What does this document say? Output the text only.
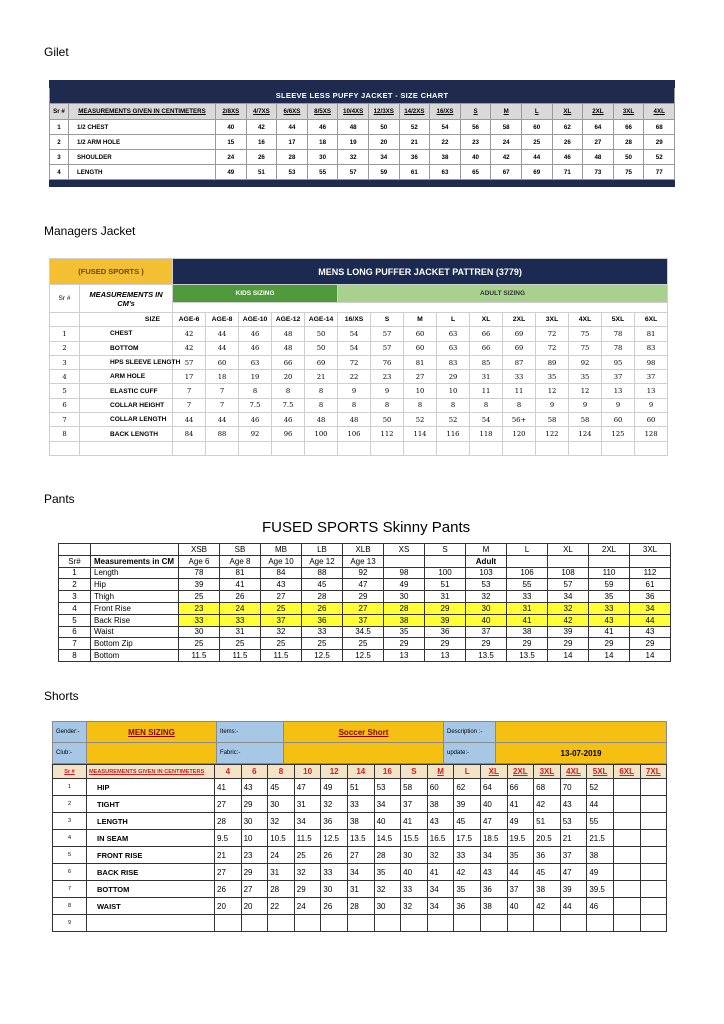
Gilet
Managers Jacket
Pants
Shorts

SLEEVE LESS PUFFY JACKET - SIZE CHART																
Sr #	MEASUREMENTS GIVEN IN CENTIMETERS	2/8XS	4/7XS	6/6XS	8/5XS	10/4XS	12/3XS	14/2XS	16/XS	S	M	L	XL	2XL	3XL	4XL
1	1/2 CHEST	40	42	44	46	48	50	52	54	56	58	60	62	64	66	68
2	1/2 ARM HOLE	15	16	17	18	19	20	21	22	23	24	25	26	27	28	29
3	SHOULDER	24	26	28	30	32	34	36	38	40	42	44	46	48	50	52
4	LENGTH	49	51	53	55	57	59	61	63	65	67	69	71	73	75	77

(FUSED SPORTS )		MENS LONG PUFFER JACKET PATTREN (3779)														
Sr #	MEASUREMENTS IN CM's	KIDS SIZING					ADULT SIZING									

	SIZE	AGE-6	AGE-8	AGE-10	AGE-12	AGE-14	16/XS	S	M	L	XL	2XL	3XL	4XL	5XL	6XL
1	CHEST	42	44	46	48	50	54	57	60	63	66	69	72	75	78	81
2	BOTTOM	42	44	46	48	50	54	57	60	63	66	69	72	75	78	83
3	HPS SLEEVE LENGTH	57	60	63	66	69	72	76	81	83	85	87	89	92	95	98
4	ARM HOLE	17	18	19	20	21	22	23	27	29	31	33	35	35	37	37
5	ELASTIC CUFF	7	7	8	8	8	9	9	10	10	11	11	12	12	13	13
6	COLLAR HEIGHT	7	7	7.5	7.5	8	8	8	8	8	8	8	9	9	9	9
7	COLLAR LENGTH	44	44	46	46	48	48	50	52	52	54	56+	58	58	60	60
8	BACK LENGTH	84	88	92	96	100	106	112	114	116	118	120	122	124	125	128

FUSED SPORTS Skinny Pants
		XSB	SB	MB	LB	XLB	XS	S	M	L	XL	2XL	3XL
Sr#	Measurements in CM	Age 6	Age 8	Age 10	Age 12	Age 13			Adult				
1	Length	78	81	84	88	92	98	100	103	106	108	110	112
2	Hip	39	41	43	45	47	49	51	53	55	57	59	61
3	Thigh	25	26	27	28	29	30	31	32	33	34	35	36
4	Front Rise	23	24	25	26	27	28	29	30	31	32	33	34
5	Back Rise	33	33	37	36	37	38	39	40	41	42	43	44
6	Waist	30	31	32	33	34.5	35	36	37	38	39	41	43
7	Bottom Zip	25	25	25	25	25	29	29	29	29	29	29	29
8	Bottom	11.5	11.5	11.5	12.5	12.5	13	13	13.5	13.5	14	14	14
Gender:-	MEN SIZING	Items:-	Soccer Short	Description :-	
Club:-		Fabric:-		update:-	13-07-2019
Sr #	MEASUREMENTS GIVEN IN CENTIMETERS	4	6	8	10	12	14	16	S	M	L	XL	2XL	3XL	4XL	5XL	6XL	7XL
1	HIP	41	43	45	47	49	51	53	58	60	62	64	66	68	70	52		
2	TIGHT	27	29	30	31	32	33	34	37	38	39	40	41	42	43	44		
3	LENGTH	28	30	32	34	36	38	40	41	43	45	47	49	51	53	55		
4	IN SEAM	9.5	10	10.5	11.5	12.5	13.5	14.5	15.5	16.5	17.5	18.5	19.5	20.5	21	21.5		
5	FRONT RISE	21	23	24	25	26	27	28	30	32	33	34	35	36	37	38		
6	BACK RISE	27	29	31	32	33	34	35	40	41	42	43	44	45	47	49		
7	BOTTOM	26	27	28	29	30	31	32	33	34	35	36	37	38	39	39.5		
8	WAIST	20	20	22	24	26	28	30	32	34	36	38	40	42	44	46		
9																		
